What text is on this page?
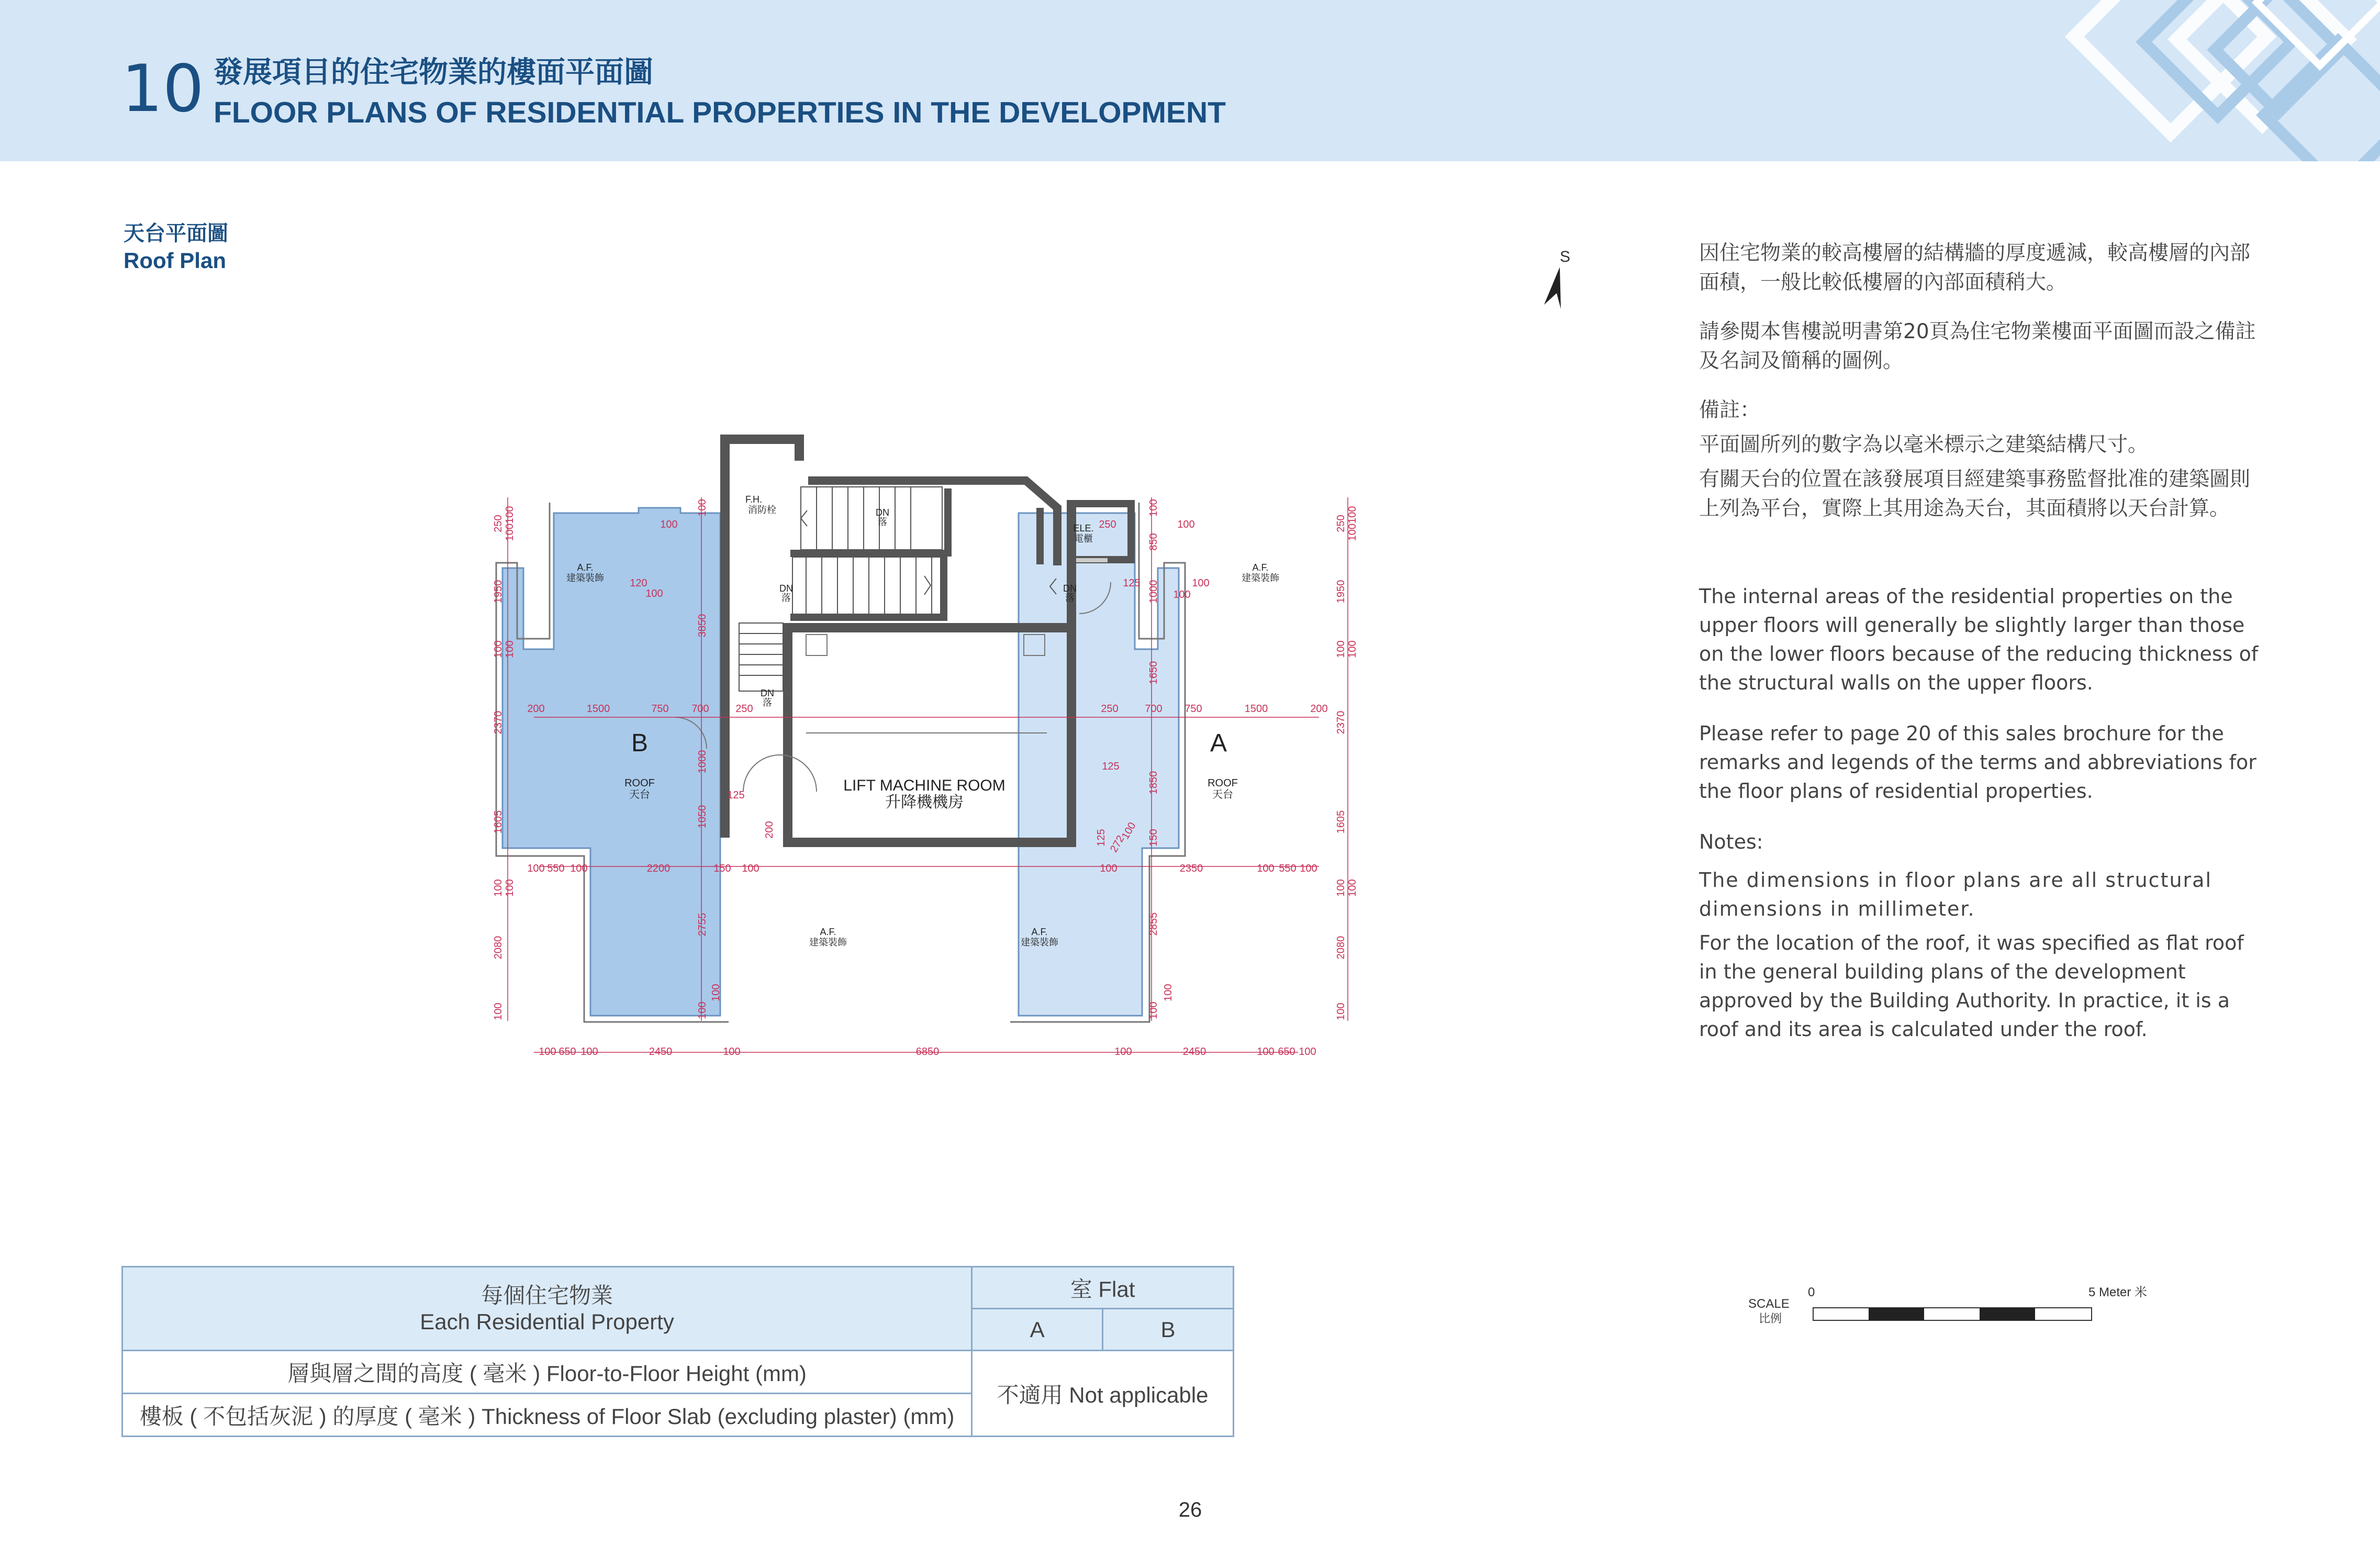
10 發展項目的住宅物業的樓面平面圖
FLOOR PLANS OF RESIDENTIAL PROPERTIES IN THE DEVELOPMENT
天台平面圖
Roof Plan
B	A
ROOF
天台
ROOF
天台
LIFT MACHINE ROOM
升降機機房
F.H.
消防栓
ELE.
電櫃
DN
落
DN
落
DN
落
DN
落
A.F.
建築裝飾
A.F.
建築裝飾
A.F.
建築裝飾
A.F.
建築裝飾
200	1500	750 700	250	250	700 750	1500	200
100 550 100	2200	150 100	100	2350	100 550 100
100 650 100	2450	100	6850	100	2450	100 650 100
100
120
100
250	100
125	100
100
125
125
250 100100
1950
100 100
2370
1605
100 100
2080
100
250 100100
1950
100 100
2370
1605
100 100
2080
100
100
3850
1000
1050
2755
100
100
200
100
850
1000
1650
1850
150
2855
100
100
125 272
100
S	因住宅物業的較高樓層的結構牆的厚度遞減，較高樓層的內部面積，一般比較低樓層的內部面積稍大。

請參閱本售樓説明書第20頁為住宅物業樓面平面圖而設之備註及名詞及簡稱的圖例。

備註：

平面圖所列的數字為以毫米標示之建築結構尺寸。

有關天台的位置在該發展項目經建築事務監督批准的建築圖則上列為平台，實際上其用途為天台，其面積將以天台計算。

The internal areas of the residential properties on the upper floors will generally be slightly larger than those on the lower floors because of the reducing thickness of the structural walls on the upper floors.

Please refer to page 20 of this sales brochure for the remarks and legends of the terms and abbreviations for the floor plans of residential properties.

Notes:

The dimensions in floor plans are all structural dimensions in millimeter.

For the location of the roof, it was specified as flat roof in the general building plans of the development approved by the Building Authority. In practice, it is a roof and its area is calculated under the roof.

每個住宅物業
Each Residential Property	室 Flat	
	A	B
層與層之間的高度 ( 毫米 ) Floor-to-Floor Height (mm)	不適用 Not applicable	
樓板 ( 不包括灰泥 ) 的厚度 ( 毫米 ) Thickness of Floor Slab (excluding plaster) (mm)		
SCALE
比例
0	5 Meter 米
26
